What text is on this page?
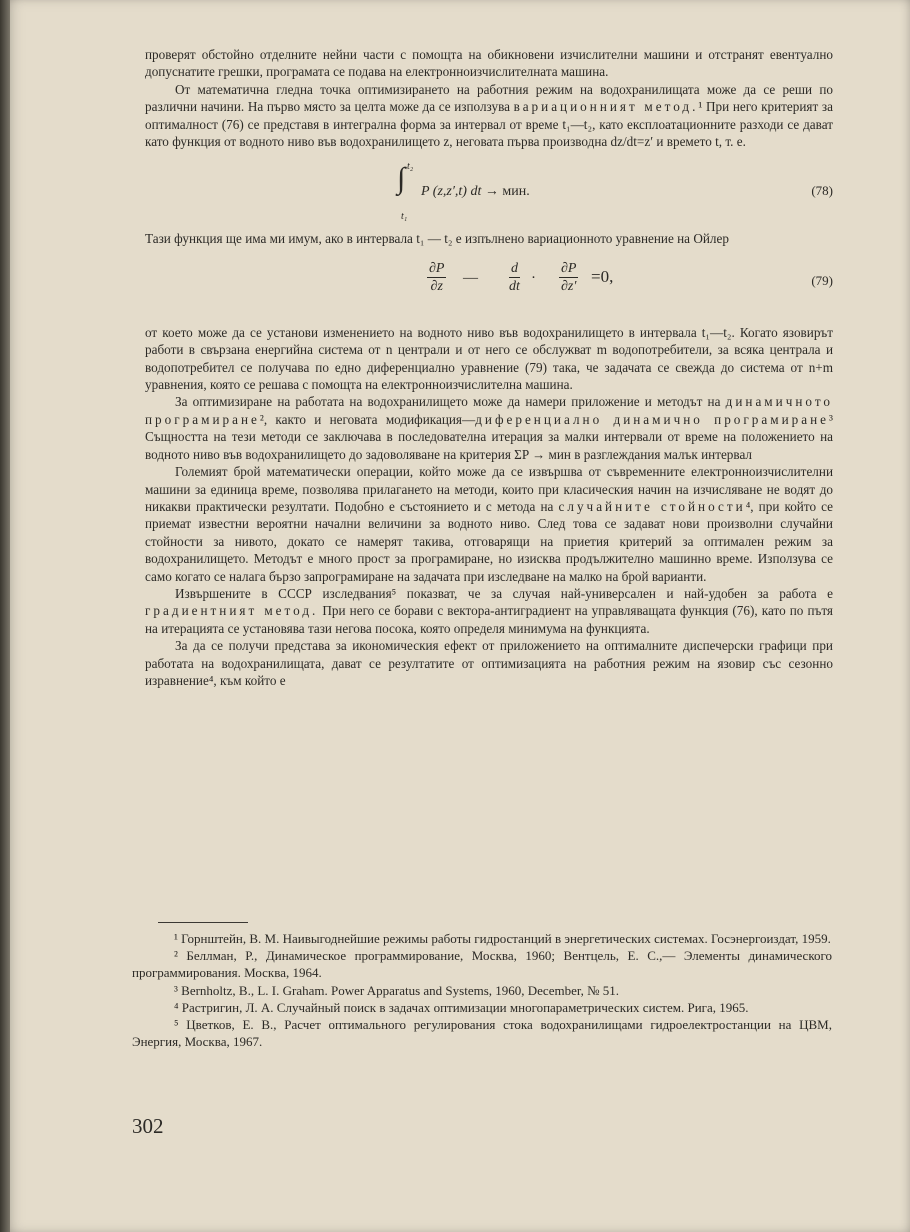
проверят обстойно отделните нейни части с помощта на обикновени изчислителни машини и отстранят евентуално допуснатите грешки, програмата се подава на електронноизчислителната машина.

От математична гледна точка оптимизирането на работния режим на водохранилищата може да се реши по различни начини. На първо място за целта може да се използува вариационният метод.¹ При него критерият за оптималност (76) се представя в интегрална форма за интервал от време t₁—t₂, като експлоатационните разходи се дават като функция от водното ниво във водохранилището z, неговата първа производна dz/dt=z′ и времето t, т. е.

t₂
∫
t₁
P (z,z′,t) dt → мин.	(78)

Тази функция ще има ми имум, ако в интервала t₁ — t₂ е изпълнено вариационното уравнение на Ойлер

$\frac{\partial P}{\partial z}$ — $\frac{d}{dt} \cdot \frac{\partial P}{\partial z'} =0$,	(79)

от което може да се установи изменението на водното ниво във водохранилището в интервала t₁—t₂. Когато язовирът работи в свързана енергийна система от n централи и от него се обслужват m водопотребители, за всяка централа и водопотребител се получава по едно диференциално уравнение (79) така, че задачата се свежда до система от n+m уравнения, която се решава с помощта на електронноизчислителна машина.

За оптимизиране на работата на водохранилището може да намери приложение и методът на динамичното програмиране², както и неговата модификация—диференциално динамично програмиране³ Същността на тези методи се заключава в последователна итерация за малки интервали от време на положението на водното ниво във водохранилището до задоволяване на критерия ΣP → мин в разглеждания малък интервал

Големият брой математически операции, който може да се извършва от съвременните електронноизчислителни машини за единица време, позволява прилагането на методи, които при класическия начин на изчисляване не водят до никакви практически резултати. Подобно е състоянието и с метода на случайните стойности⁴, при който се приемат известни вероятни начални величини за водното ниво. След това се задават нови произволни случайни стойности за нивото, докато се намерят такива, отговарящи на приетия критерий за оптимален режим за водохранилището. Методът е много прост за програмиране, но изисква продължително машинно време. Използува се само когато се налага бързо запрограмиране на задачата при изследване на малко на брой варианти.

Извършените в СССР изследвания⁵ показват, че за случая най-универсален и най-удобен за работа е градиентният метод. При него се борави с вектора-антиградиент на управляващата функция (76), като по пътя на итерацията се установява тази негова посока, която определя минимума на функцията.

За да се получи представа за икономическия ефект от приложението на оптималните диспечерски графици при работата на водохранилищата, дават се резултатите от оптимизацията на работния режим на язовир със сезонно изравнение⁴, към който е

¹ Горнштейн, В. М. Наивыгоднейшие режимы работы гидростанций в энергетических системах. Госэнергоиздат, 1959.

² Беллман, Р., Динамическое программирование, Москва, 1960; Вентцель, Е. С.,— Элементы динамического программирования. Москва, 1964.

³ Bernholtz, B., L. I. Graham. Power Apparatus and Systems, 1960, December, № 51.

⁴ Растригин, Л. А. Случайный поиск в задачах оптимизации многопараметрических систем. Рига, 1965.

⁵ Цветков, Е. В., Расчет оптимального регулирования стока водохранилищами гидроелектростанции на ЦВМ, Энергия, Москва, 1967.

302
